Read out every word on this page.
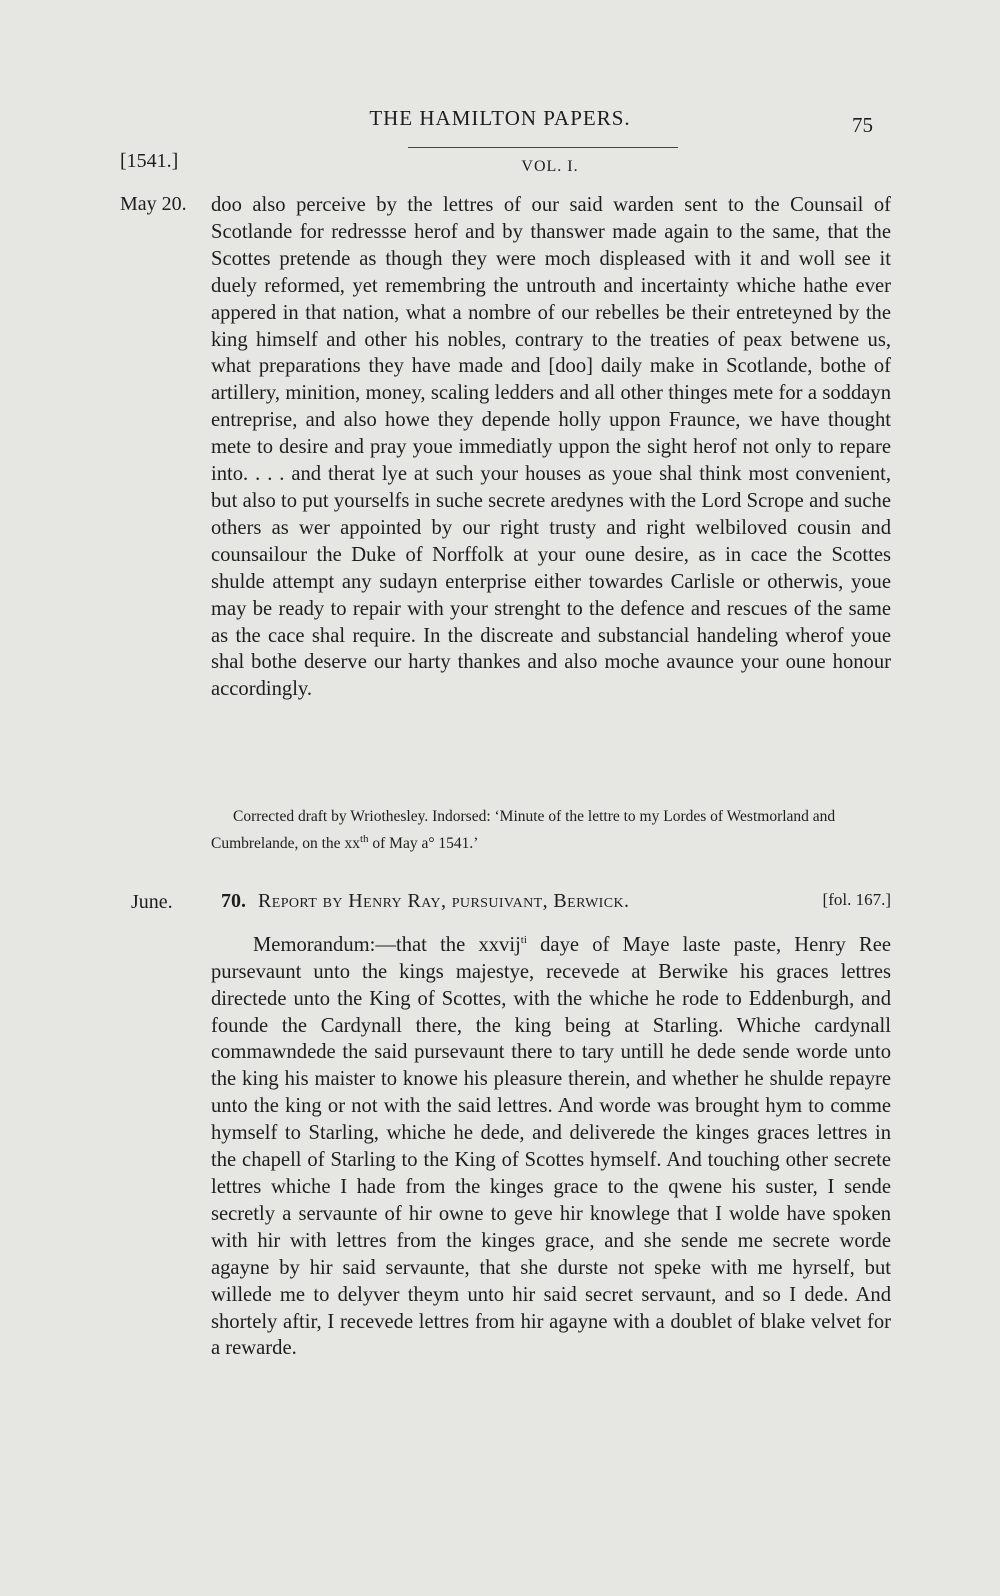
THE HAMILTON PAPERS.	75
[1541.]	VOL. I.
May 20. doo also perceive by the lettres of our said warden sent to the Counsail of Scotlande for redressse herof and by thanswer made again to the same, that the Scottes pretende as though they were moch displeased with it and woll see it duely reformed, yet remembring the untrouth and incertainty whiche hathe ever appered in that nation, what a nombre of our rebelles be their entreteyned by the king himself and other his nobles, contrary to the treaties of peax betwene us, what preparations they have made and [doo] daily make in Scotlande, bothe of artillery, minition, money, scaling ledders and all other thinges mete for a soddayn entreprise, and also howe they depende holly uppon Fraunce, we have thought mete to desire and pray youe immediatly uppon the sight herof not only to repare into. . . . and therat lye at such your houses as youe shal think most convenient, but also to put yourselfs in suche secrete aredynes with the Lord Scrope and suche others as wer appointed by our right trusty and right welbiloved cousin and counsailour the Duke of Norffolk at your oune desire, as in cace the Scottes shulde attempt any sudayn enterprise either towardes Carlisle or otherwis, youe may be ready to repair with your strenght to the defence and rescues of the same as the cace shal require. In the discreate and substancial handeling wherof youe shal bothe deserve our harty thankes and also moche avaunce your oune honour accordingly.
Corrected draft by Wriothesley. Indorsed: ‘Minute of the lettre to my Lordes of Westmorland and Cumbrelande, on the $xx^{th}$ of May a° 1541.’
June. 70. Report by Henry Ray, pursuivant, Berwick.	[fol. 167.]
Memorandum:—that the xxvij$^{ti}$ daye of Maye laste paste, Henry Ree pursevaunt unto the kings majestye, recevede at Berwike his graces lettres directede unto the King of Scottes, with the whiche he rode to Eddenburgh, and founde the Cardynall there, the king being at Starling. Whiche cardynall commawndede the said pursevaunt there to tary untill he dede sende worde unto the king his maister to knowe his pleasure therein, and whether he shulde repayre unto the king or not with the said lettres. And worde was brought hym to comme hymself to Starling, whiche he dede, and deliverede the kinges graces lettres in the chapell of Starling to the King of Scottes hymself. And touching other secrete lettres whiche I hade from the kinges grace to the qwene his suster, I sende secretly a servaunte of hir owne to geve hir knowlege that I wolde have spoken with hir with lettres from the kinges grace, and she sende me secrete worde agayne by hir said servaunte, that she durste not speke with me hyrself, but willede me to delyver theym unto hir said secret servaunt, and so I dede. And shortely aftir, I recevede lettres from hir agayne with a doublet of blake velvet for a rewarde.
